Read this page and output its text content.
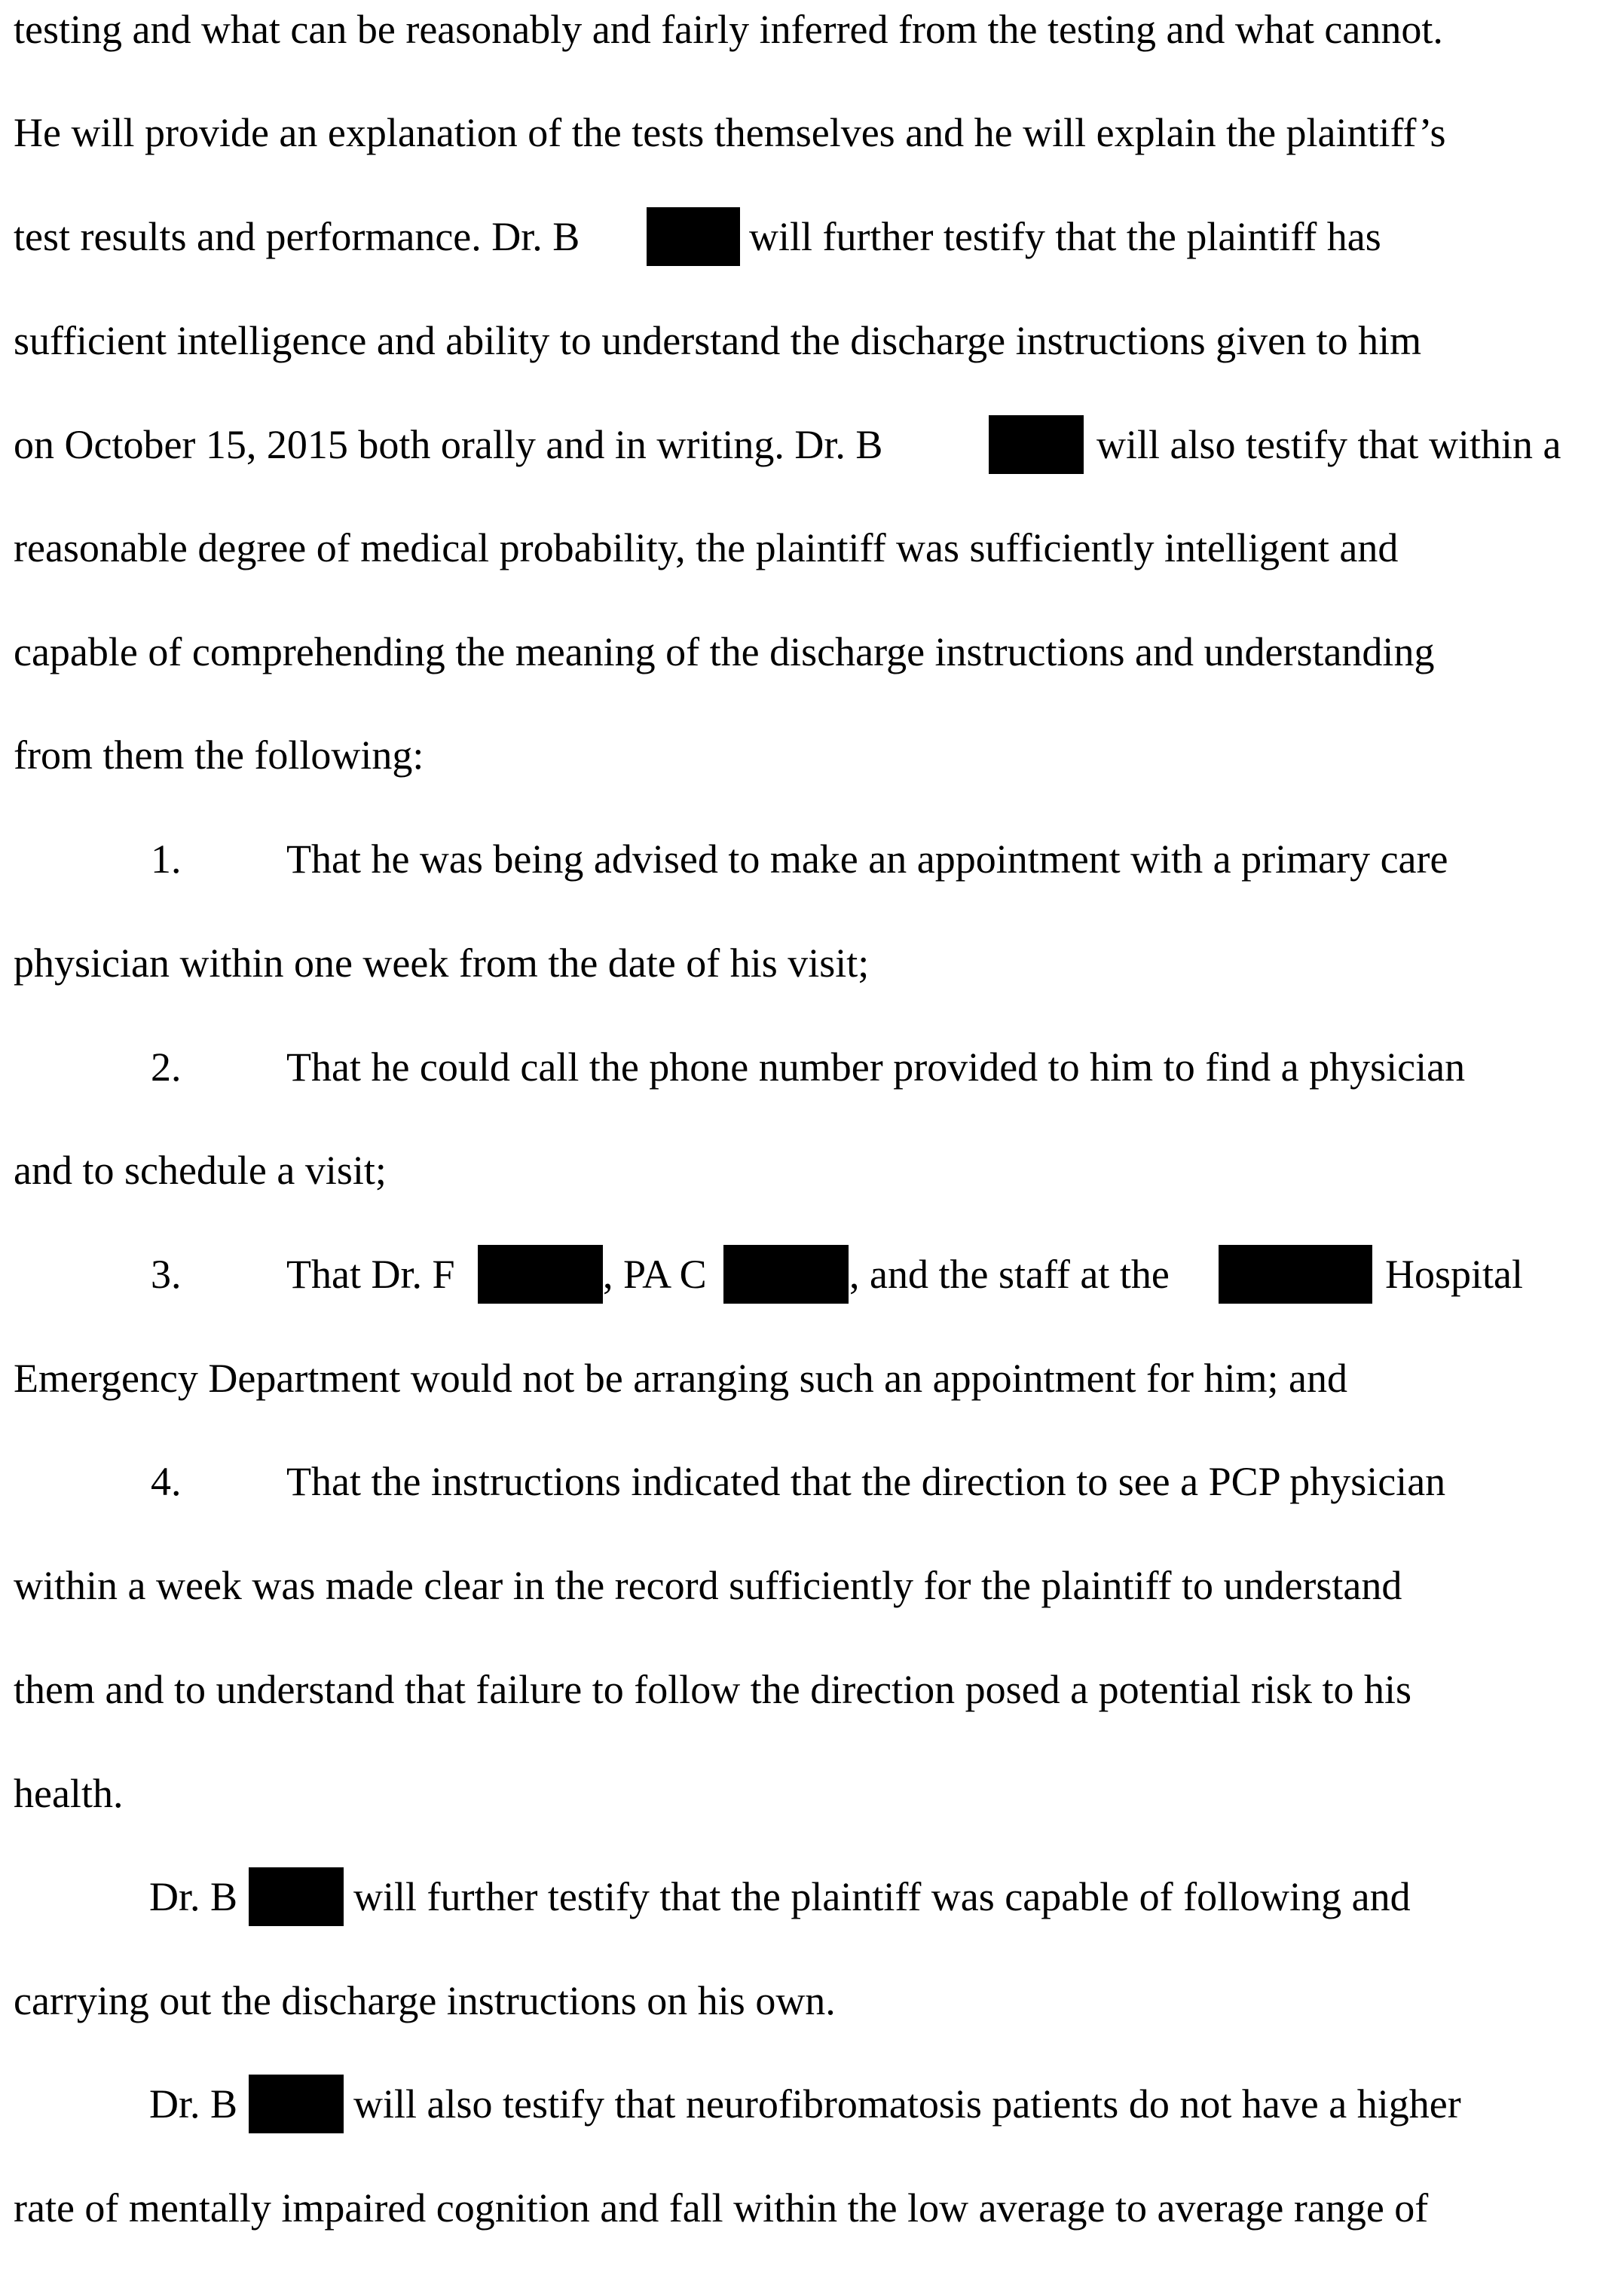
testing and what can be reasonably and fairly inferred from the testing and what cannot.
He will provide an explanation of the tests themselves and he will explain the plaintiff’s
test results and performance. Dr. B	will further testify that the plaintiff has
sufficient intelligence and ability to understand the discharge instructions given to him
on October 15, 2015 both orally and in writing. Dr. B	will also testify that within a
reasonable degree of medical probability, the plaintiff was sufficiently intelligent and
capable of comprehending the meaning of the discharge instructions and understanding
from them the following:
1.	That he was being advised to make an appointment with a primary care
physician within one week from the date of his visit;
2.	That he could call the phone number provided to him to find a physician
and to schedule a visit;
3.	That Dr. F	, PA C	, and the staff at the	Hospital
Emergency Department would not be arranging such an appointment for him; and
4.	That the instructions indicated that the direction to see a PCP physician
within a week was made clear in the record sufficiently for the plaintiff to understand
them and to understand that failure to follow the direction posed a potential risk to his
health.
Dr. B	will further testify that the plaintiff was capable of following and
carrying out the discharge instructions on his own.
Dr. B	will also testify that neurofibromatosis patients do not have a higher
rate of mentally impaired cognition and fall within the low average to average range of
